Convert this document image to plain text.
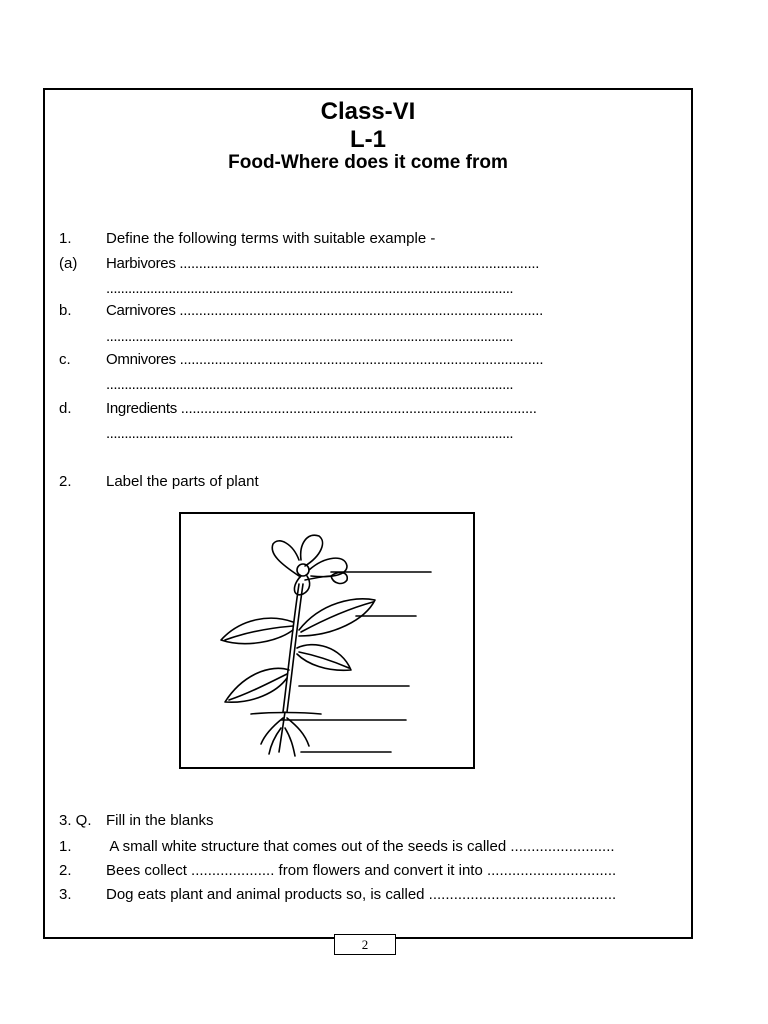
Class-VI
L-1
Food-Where does it come from
1. Define the following terms with suitable example -
(a) Harbivores .............................................................................................
...............................................................................................................
b. Carnivores ..............................................................................................
...............................................................................................................
c. Omnivores ..............................................................................................
...............................................................................................................
d. Ingredients ............................................................................................
...............................................................................................................
2. Label the parts of plant
3. Q. Fill in the blanks
1. A small white structure that comes out of the seeds is called .........................
2. Bees collect .................... from flowers and convert it into ...............................
3. Dog eats plant and animal products so, is called .............................................
2
